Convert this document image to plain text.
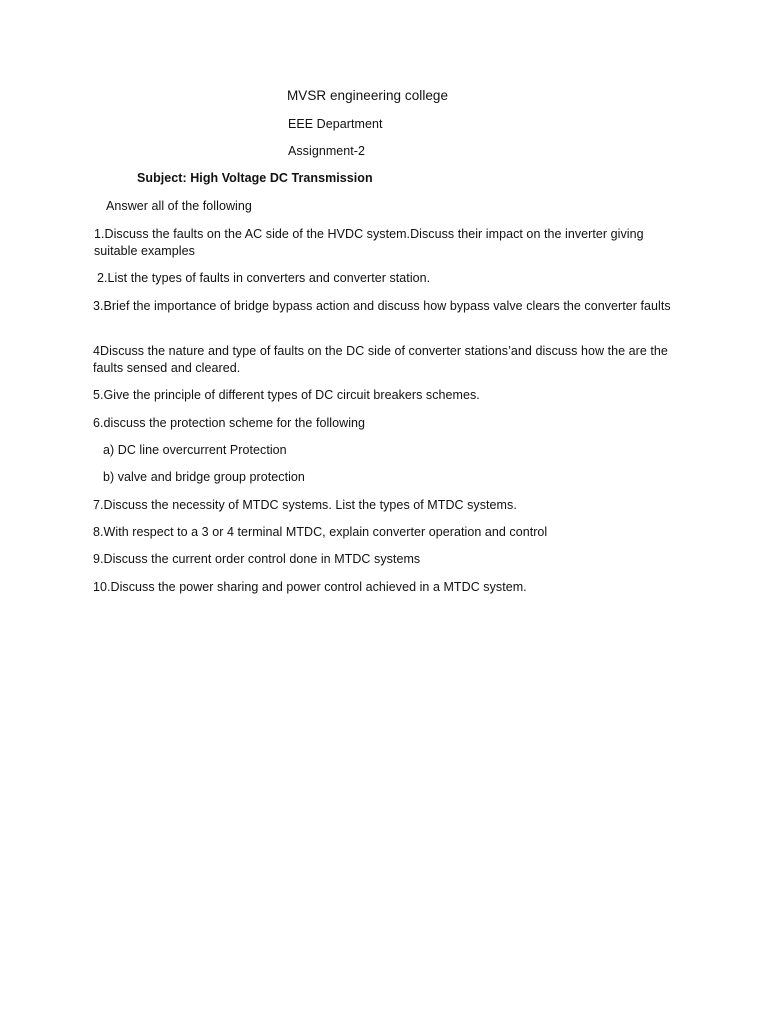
MVSR engineering college
EEE Department
Assignment-2
Subject: High Voltage DC Transmission
Answer all of the following
1.Discuss the faults on the AC side of the HVDC system.Discuss their impact on the inverter giving suitable examples
2.List the types of faults in converters and converter station.
3.Brief the importance of bridge bypass action and discuss how bypass valve clears the converter faults
4Discuss the nature and type of faults on the DC side of converter stations’and discuss how the are the faults sensed and cleared.
5.Give the principle of different types of DC circuit breakers schemes.
6.discuss the protection scheme for the following
a) DC line overcurrent Protection
b) valve and bridge group protection
7.Discuss the necessity of MTDC systems. List the types of MTDC systems.
8.With respect to a 3 or 4 terminal MTDC, explain converter operation and control
9.Discuss the current order control done in MTDC systems
10.Discuss the power sharing and power control achieved in a MTDC system.
